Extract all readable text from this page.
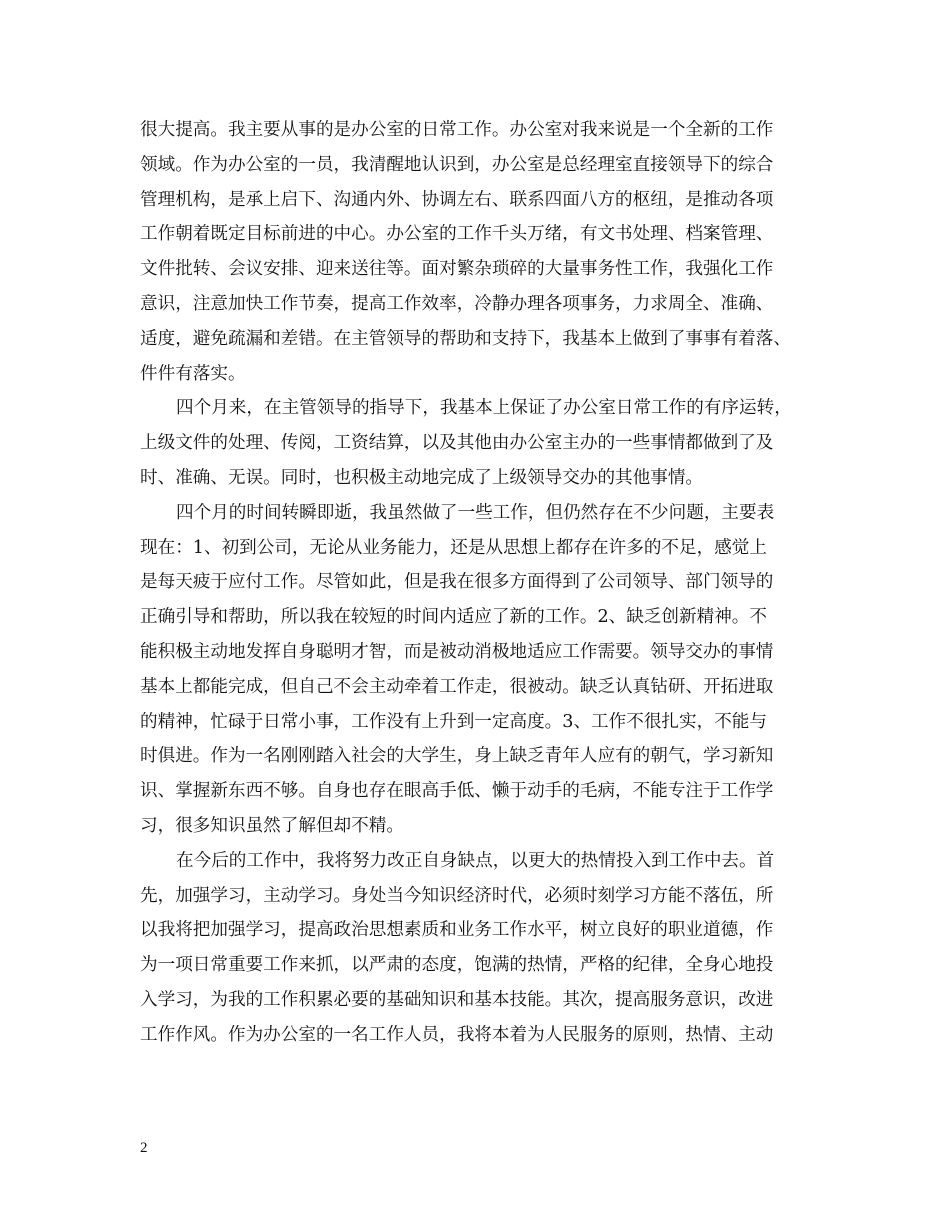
很大提高。我主要从事的是办公室的日常工作。办公室对我来说是一个全新的工作

领域。作为办公室的一员，我清醒地认识到，办公室是总经理室直接领导下的综合

管理机构，是承上启下、沟通内外、协调左右、联系四面八方的枢纽，是推动各项

工作朝着既定目标前进的中心。办公室的工作千头万绪，有文书处理、档案管理、

文件批转、会议安排、迎来送往等。面对繁杂琐碎的大量事务性工作，我强化工作

意识，注意加快工作节奏，提高工作效率，冷静办理各项事务，力求周全、准确、

适度，避免疏漏和差错。在主管领导的帮助和支持下，我基本上做到了事事有着落、

件件有落实。

四个月来，在主管领导的指导下，我基本上保证了办公室日常工作的有序运转，

上级文件的处理、传阅，工资结算，以及其他由办公室主办的一些事情都做到了及

时、准确、无误。同时，也积极主动地完成了上级领导交办的其他事情。

四个月的时间转瞬即逝，我虽然做了一些工作，但仍然存在不少问题，主要表

现在：1、初到公司，无论从业务能力，还是从思想上都存在许多的不足，感觉上

是每天疲于应付工作。尽管如此，但是我在很多方面得到了公司领导、部门领导的

正确引导和帮助，所以我在较短的时间内适应了新的工作。2、缺乏创新精神。不

能积极主动地发挥自身聪明才智，而是被动消极地适应工作需要。领导交办的事情

基本上都能完成，但自己不会主动牵着工作走，很被动。缺乏认真钻研、开拓进取

的精神，忙碌于日常小事，工作没有上升到一定高度。3、工作不很扎实，不能与

时俱进。作为一名刚刚踏入社会的大学生，身上缺乏青年人应有的朝气，学习新知

识、掌握新东西不够。自身也存在眼高手低、懒于动手的毛病，不能专注于工作学

习，很多知识虽然了解但却不精。

在今后的工作中，我将努力改正自身缺点，以更大的热情投入到工作中去。首

先，加强学习，主动学习。身处当今知识经济时代，必须时刻学习方能不落伍，所

以我将把加强学习，提高政治思想素质和业务工作水平，树立良好的职业道德，作

为一项日常重要工作来抓，以严肃的态度，饱满的热情，严格的纪律，全身心地投

入学习，为我的工作积累必要的基础知识和基本技能。其次，提高服务意识，改进

工作作风。作为办公室的一名工作人员，我将本着为人民服务的原则，热情、主动

2
